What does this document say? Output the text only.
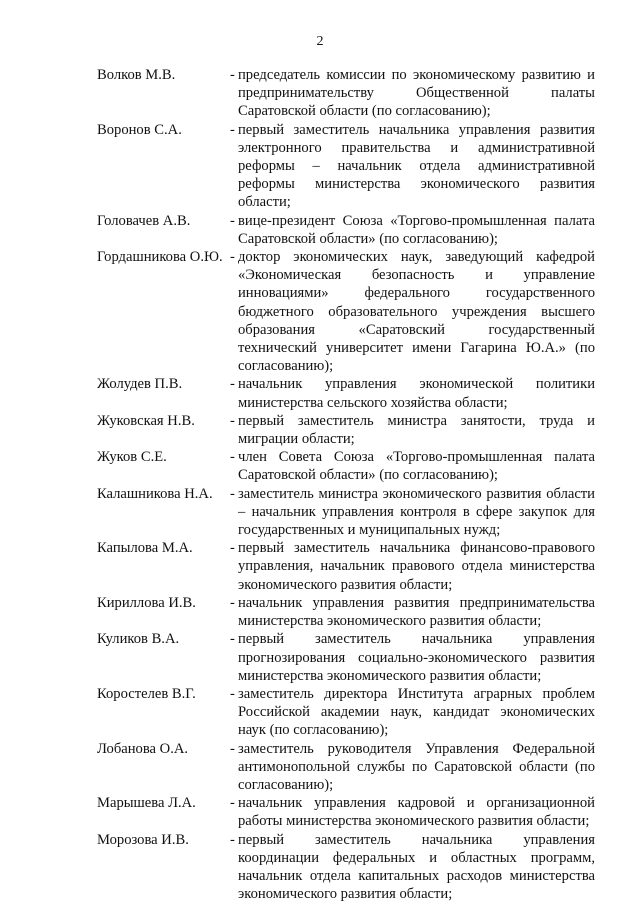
2
Волков М.В.	- председатель комиссии по экономическому развитию и предпринимательству Общественной палаты Саратовской области (по согласованию);
Воронов С.А.	- первый заместитель начальника управления развития электронного правительства и административной реформы – начальник отдела административной реформы министерства экономического развития области;
Головачев А.В.	- вице-президент Союза «Торгово-промышленная палата Саратовской области» (по согласованию);
Гордашникова О.Ю. - доктор экономических наук, заведующий кафедрой «Экономическая безопасность и управление инновациями» федерального государственного бюджетного образовательного учреждения высшего образования «Саратовский государственный технический университет имени Гагарина Ю.А.» (по согласованию);
Жолудев П.В.	- начальник управления экономической политики министерства сельского хозяйства области;
Жуковская Н.В.	- первый заместитель министра занятости, труда и миграции области;
Жуков С.Е.	- член Совета Союза «Торгово-промышленная палата Саратовской области» (по согласованию);
Калашникова Н.А.	- заместитель министра экономического развития области – начальник управления контроля в сфере закупок для государственных и муниципальных нужд;
Капылова М.А.	- первый заместитель начальника финансово-правового управления, начальник правового отдела министерства экономического развития области;
Кириллова И.В.	- начальник управления развития предпринимательства министерства экономического развития области;
Куликов В.А.	- первый заместитель начальника управления прогнозирования социально-экономического развития министерства экономического развития области;
Коростелев В.Г.	- заместитель директора Института аграрных проблем Российской академии наук, кандидат экономических наук (по согласованию);
Лобанова О.А.	- заместитель руководителя Управления Федеральной антимонопольной службы по Саратовской области (по согласованию);
Марышева Л.А.	- начальник управления кадровой и организационной работы министерства экономического развития области;
Морозова И.В.	- первый заместитель начальника управления координации федеральных и областных программ, начальник отдела капитальных расходов министерства экономического развития области;
